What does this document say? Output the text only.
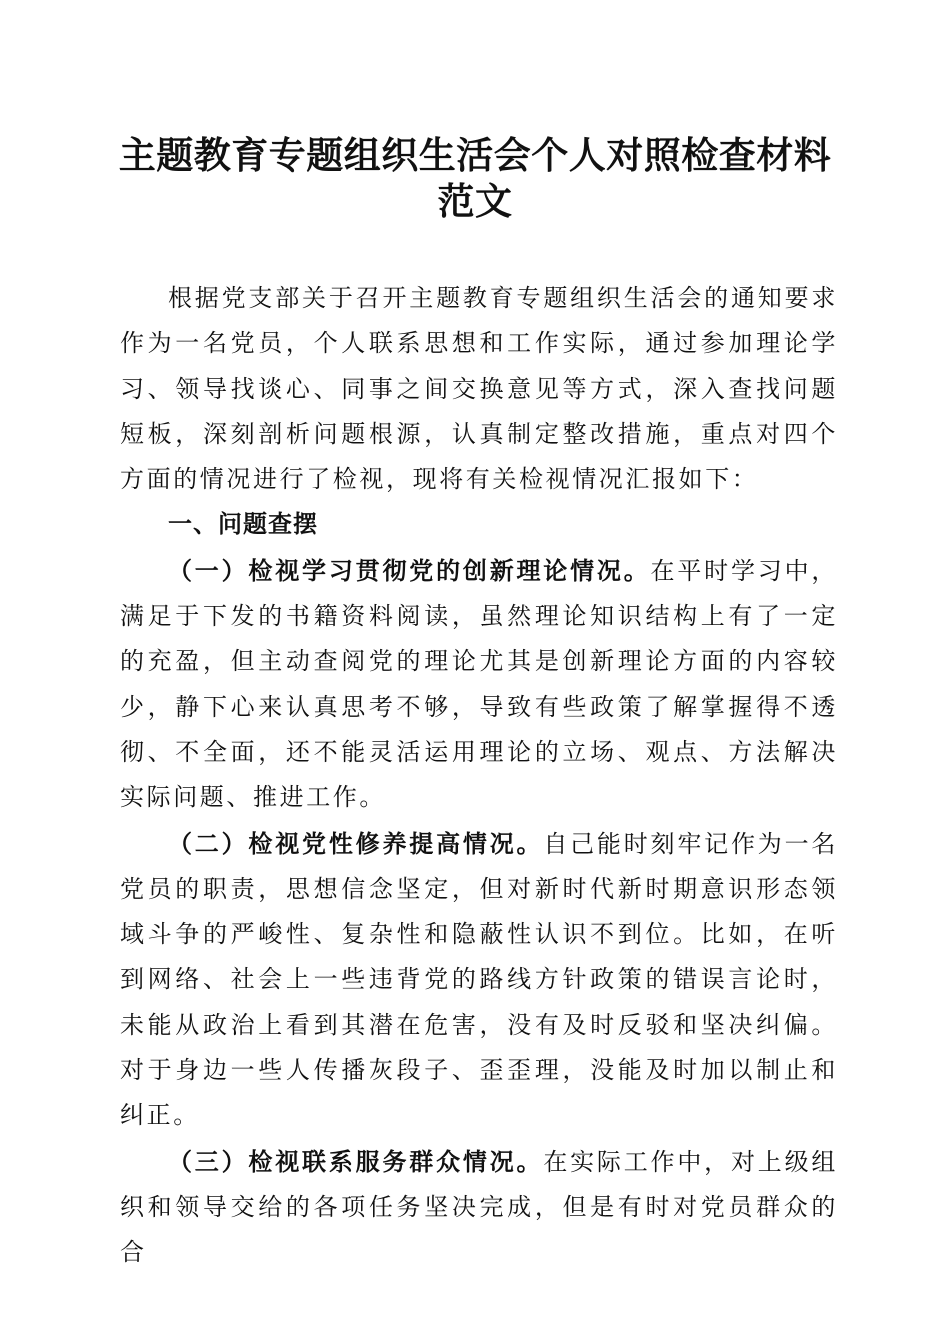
主题教育专题组织生活会个人对照检查材料范文

根据党支部关于召开主题教育专题组织生活会的通知要求作为一名党员，个人联系思想和工作实际，通过参加理论学习、领导找谈心、同事之间交换意见等方式，深入查找问题短板，深刻剖析问题根源，认真制定整改措施，重点对四个方面的情况进行了检视，现将有关检视情况汇报如下：

一、问题查摆

（一）检视学习贯彻党的创新理论情况。在平时学习中，满足于下发的书籍资料阅读，虽然理论知识结构上有了一定的充盈，但主动查阅党的理论尤其是创新理论方面的内容较少，静下心来认真思考不够，导致有些政策了解掌握得不透彻、不全面，还不能灵活运用理论的立场、观点、方法解决实际问题、推进工作。

（二）检视党性修养提高情况。自己能时刻牢记作为一名党员的职责，思想信念坚定，但对新时代新时期意识形态领域斗争的严峻性、复杂性和隐蔽性认识不到位。比如，在听到网络、社会上一些违背党的路线方针政策的错误言论时，未能从政治上看到其潜在危害，没有及时反驳和坚决纠偏。对于身边一些人传播灰段子、歪歪理，没能及时加以制止和纠正。

（三）检视联系服务群众情况。在实际工作中，对上级组织和领导交给的各项任务坚决完成，但是有时对党员群众的合
